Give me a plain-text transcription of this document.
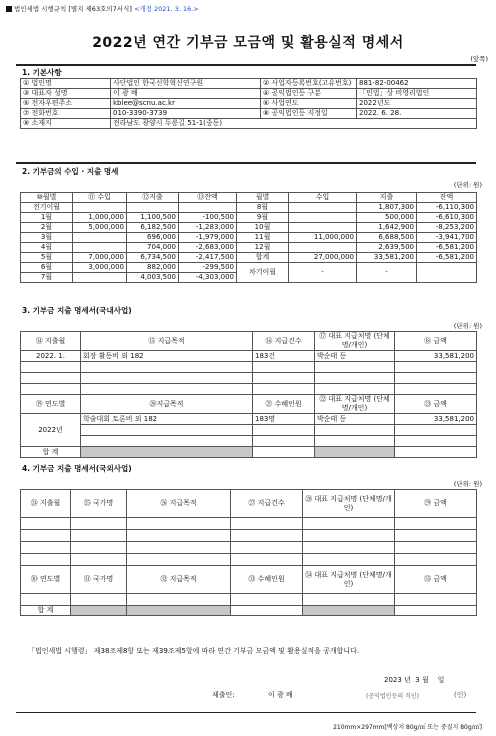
법인세법 시행규칙 [별지 제63호의7서식] <개정 2021. 3. 16.>
2022년 연간 기부금 모금액 및 활용실적 명세서
(앞쪽)
1. 기본사항
① 법인명	사단법인 한국신학혁신연구원	② 사업자등록번호(고유번호)	881-82-00462
③ 대표자 성명	이 광 배	④ 공익법인등 구분	「민법」상 비영리법인
⑤ 전자우편주소	kblee@scnu.ac.kr	⑥ 사업연도	2022년도
⑦ 전화번호	010-3390-3739	⑧ 공익법인등 지정일	2022. 6. 28.
⑨ 소재지	전라남도 광양시 두릉길 51-1(중동)		
2. 기부금의 수입 · 지출 명세
(단위: 원)
⑩월별	⑪ 수입	⑫지출	⑬잔액	월별	수입	지출	잔액
전기이월				8월		1,807,300	-6,110,300
1월	1,000,000	1,100,500	-100,500	9월		500,000	-6,610,300
2월	5,000,000	6,182,500	-1,283,000	10월		1,642,900	-8,253,200
3월		696,000	-1,979,000	11월	11,000,000	6,688,500	-3,941,700
4월		704,000	-2,683,000	12월		2,639,500	-6,581,200
5월	7,000,000	6,734,500	-2,417,500	합계	27,000,000	33,581,200	-6,581,200
6월	3,000,000	882,000	-299,500	차기이월	-	-	
7월		4,003,500	-4,303,000				
3. 기부금 지출 명세서(국내사업)
(단위: 원)
⑭ 지출월	⑮ 지급목적	⑯ 지급건수	⑰ 대표 지급처명 (단체명/개인)	⑱ 금액
2022. 1.	회장 활동비 외 182	183건	박순태 등	33,581,200

⑲ 연도별	⑳지급목적	㉑ 수혜인원	㉒ 대표 지급처명 (단체명/개인)	㉓ 금액
2022년	학술대회 토론비 외 182	183명	박순태 등	33,581,200

합 계				
4. 기부금 지출 명세서(국외사업)
(단위: 원)
㉔ 지출월	㉕ 국가명	㉖ 지급목적	㉗ 지급건수	㉘ 대표 지급처명 (단체명/개인)	㉙ 금액

㉚ 연도별	㉛ 국가명	㉜ 지급목적	㉝ 수혜인원	㉞ 대표 지급처명 (단체명/개인)	㉟ 금액

합 계					
「법인세법 시행령」 제38조제8항 또는 제39조제5항에 따라 연간 기부금 모금액 및 활용실적을 공개합니다.
2023 년 3 월 일
제출인:	이 광 배	(공익법인등의 직인)	(인)
210mm×297mm[백상지 80g/㎡ 또는 중질지 80g/㎡]
